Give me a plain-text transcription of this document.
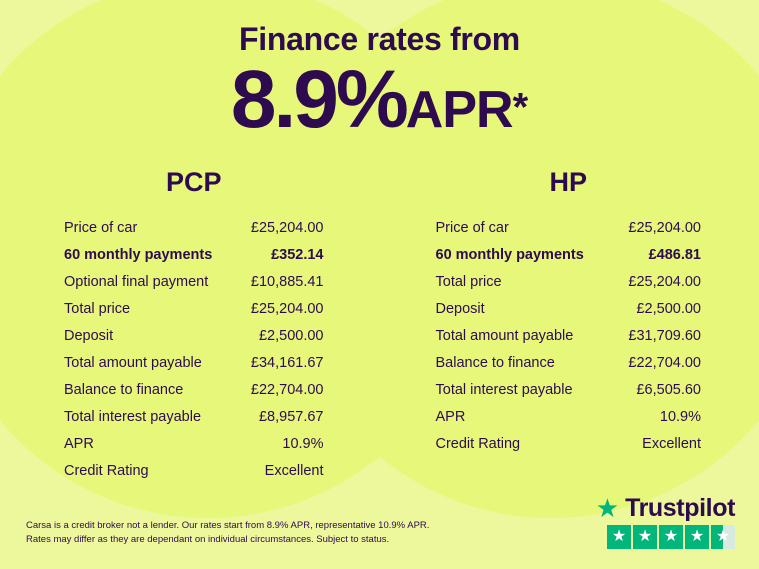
Finance rates from
8.9%APR*
PCP
Price of car	£25,204.00
60 monthly payments	£352.14
Optional final payment	£10,885.41
Total price	£25,204.00
Deposit	£2,500.00
Total amount payable	£34,161.67
Balance to finance	£22,704.00
Total interest payable	£8,957.67
APR	10.9%
Credit Rating	Excellent
HP
Price of car	£25,204.00
60 monthly payments	£486.81
Total price	£25,204.00
Deposit	£2,500.00
Total amount payable	£31,709.60
Balance to finance	£22,704.00
Total interest payable	£6,505.60
APR	10.9%
Credit Rating	Excellent
Carsa is a credit broker not a lender. Our rates start from 8.9% APR, representative 10.9% APR.
Rates may differ as they are dependant on individual circumstances. Subject to status.
★ Trustpilot
★ ★ ★ ★ ★
